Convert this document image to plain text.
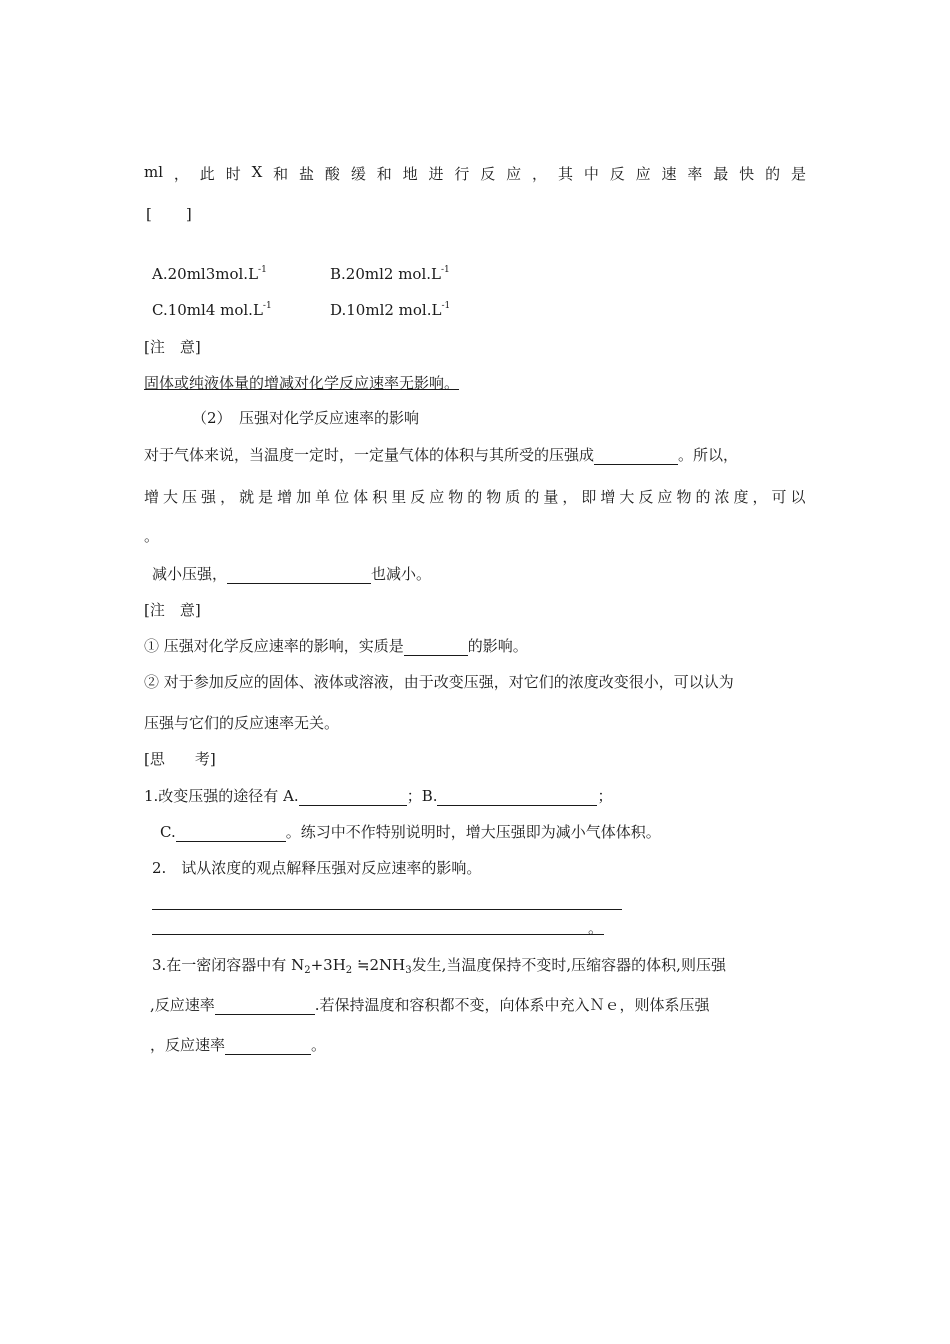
ml ， 此 时 X 和 盐 酸 缓 和 地 进 行 反 应 ， 其 中 反 应 速 率 最 快 的 是
[ ]
$A.20ml3mol.L^{-1}$	B.20ml2 $mol.L^{-1}$
C.10ml4 $mol.L^{-1}$	D.10ml2 $mol.L^{-1}$
[注　意]
固体或纯液体量的增减对化学反应速率无影响。
（2）　压强对化学反应速率的影响
对于气体来说，当温度一定时，一定量气体的体积与其所受的压强成	。所以，
增 大 压 强 ， 就 是 增 加 单 位 体 积 里 反 应 物 的 物 质 的 量 ， 即 增 大 反 应 物 的 浓 度 ， 可 以
。
减小压强，	也减小。
[注　意]
① 压强对化学反应速率的影响，实质是	的影响。
② 对于参加反应的固体、液体或溶液，由于改变压强，对它们的浓度改变很小，可以认为
压强与它们的反应速率无关。
[思　　考]
1.改变压强的途径有 A.	；B.	；
C.	。练习中不作特别说明时，增大压强即为减小气体体积。
2.　试从浓度的观点解释压强对反应速率的影响。
。
3.在一密闭容器中有 $N_2+3H_2$ $≒2NH_3$发生,当温度保持不变时,压缩容器的体积,则压强
,反应速率	.若保持温度和容积都不变，向体系中充入Ｎｅ，则体系压强
，反应速率	。
